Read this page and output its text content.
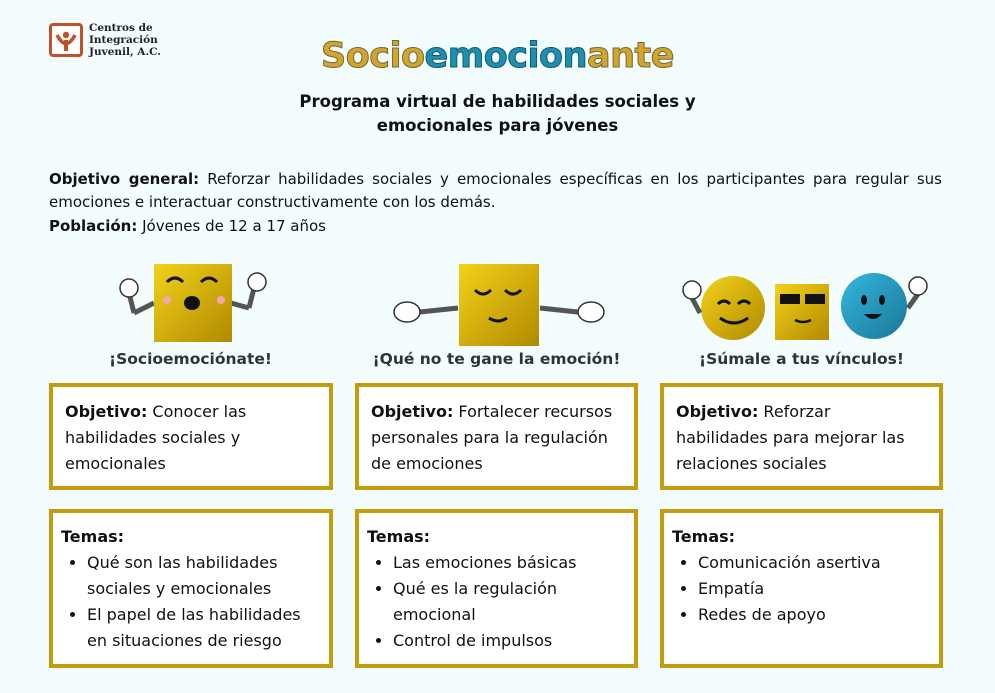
Centros de
Integración
Juvenil, A.C.	Socioemocionante
Programa virtual de habilidades sociales y
emocionales para jóvenes
Objetivo general: Reforzar habilidades sociales y emocionales específicas en los participantes para regular sus emociones e interactuar constructivamente con los demás.
Población: Jóvenes de 12 a 17 años
¡Socioemociónate!	¡Qué no te gane la emoción!	¡Súmale a tus vínculos!
Objetivo: Conocer las habilidades sociales y emocionales
Objetivo: Fortalecer recursos personales para la regulación de emociones
Objetivo: Reforzar habilidades para mejorar las relaciones sociales
Temas:
• Qué son las habilidades sociales y emocionales
• El papel de las habilidades en situaciones de riesgo
Temas:
• Las emociones básicas
• Qué es la regulación emocional
• Control de impulsos
Temas:
• Comunicación asertiva
• Empatía
• Redes de apoyo
